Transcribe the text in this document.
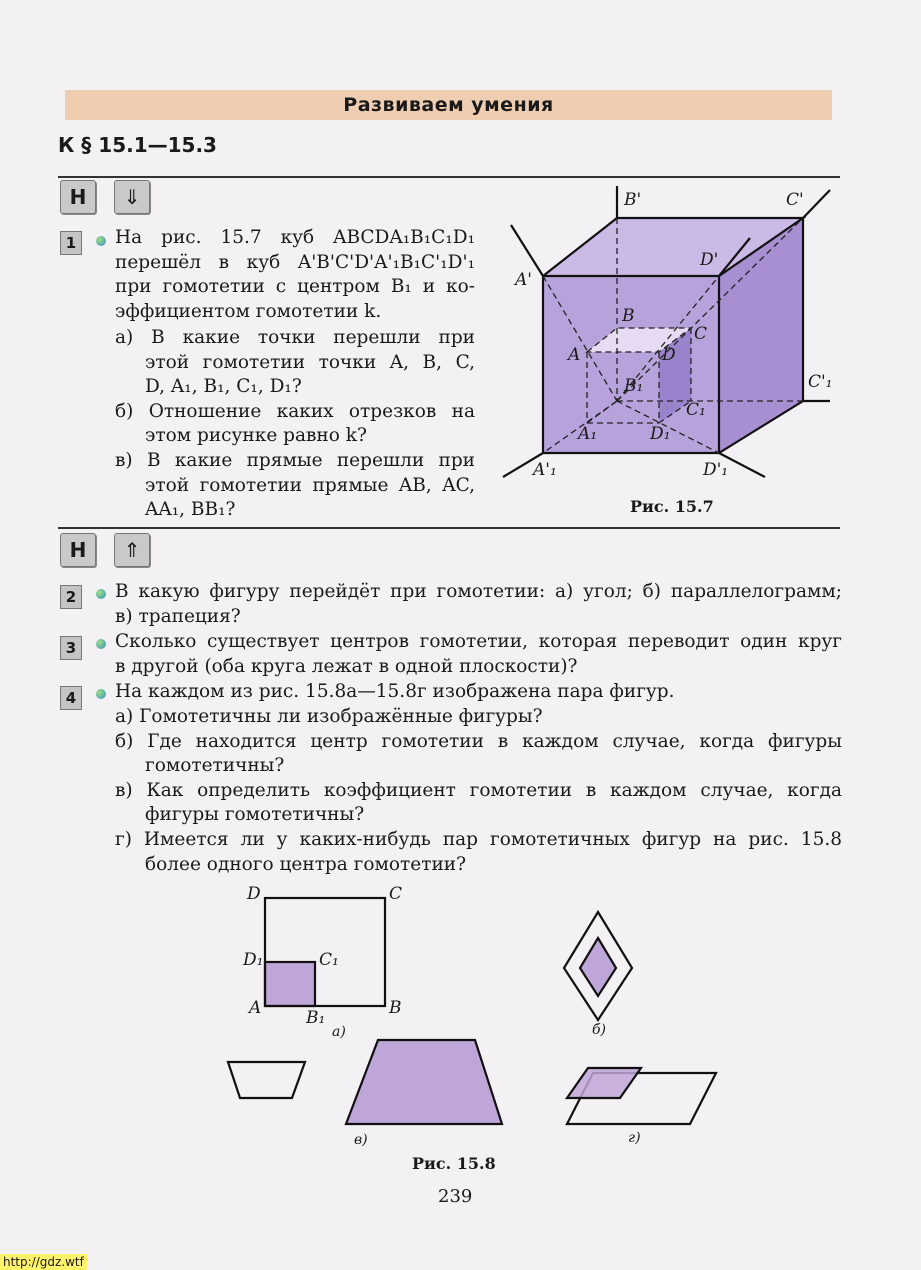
Развиваем умения
К § 15.1—15.3
Н	⇓
1	На рис. 15.7 куб ABCDA₁B₁C₁D₁
перешёл в куб A'B'C'D'A'₁B₁C'₁D'₁
при гомотетии с центром B₁ и ко-
эффициентом гомотетии k.
а) В какие точки перешли при
этой гомотетии точки A, B, C,
D, A₁, B₁, C₁, D₁?
б) Отношение каких отрезков на
этом рисунке равно k?
в) В какие прямые перешли при
этой гомотетии прямые AB, AC,
AA₁, BB₁?
B'	C'
A'
D'
B
C
A	D
B₁	C'₁
C₁
A₁	D₁
A'₁	D'₁
Рис. 15.7
Н	⇑
2	В какую фигуру перейдёт при гомотетии: а) угол; б) параллелограмм;
в) трапеция?
3	Сколько существует центров гомотетии, которая переводит один круг
в другой (оба круга лежат в одной плоскости)?
4	На каждом из рис. 15.8а—15.8г изображена пара фигур.
а) Гомотетичны ли изображённые фигуры?
б) Где находится центр гомотетии в каждом случае, когда фигуры
гомотетичны?
в) Как определить коэффициент гомотетии в каждом случае, когда
фигуры гомотетичны?
г) Имеется ли у каких-нибудь пар гомотетичных фигур на рис. 15.8
более одного центра гомотетии?
D	C
D₁	C₁
A	B₁	B
а)	б)
в)	г)
Рис. 15.8
239
http://gdz.wtf
